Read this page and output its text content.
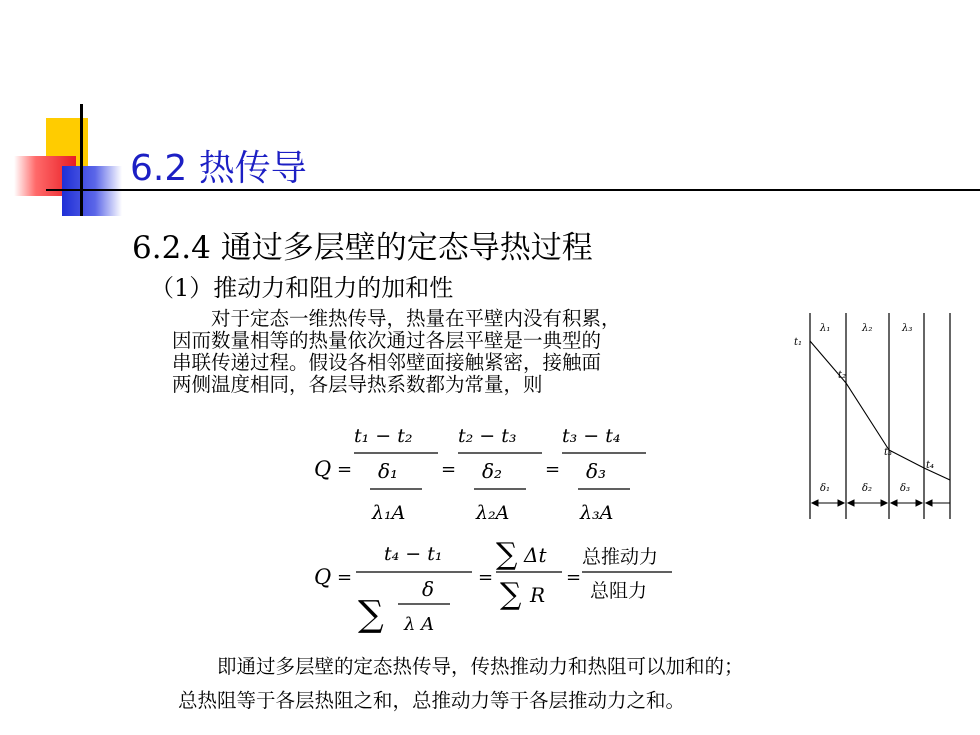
6.2 热传导
6.2.4 通过多层壁的定态导热过程
（1）推动力和阻力的加和性
　　对于定态一维热传导，热量在平壁内没有积累，
因而数量相等的热量依次通过各层平壁是一典型的
串联传递过程。假设各相邻壁面接触紧密，接触面
两侧温度相同，各层导热系数都为常量，则
Q =
t₁ − t₂
δ₁
λ₁A
=
t₂ − t₃
δ₂
λ₂A
=
t₃ − t₄
δ₃
λ₃A
Q =
t₄ − t₁
∑
δ
λ A
=
∑ Δt
∑ R
=
总推动力
总阻力
λ₁	λ₂	λ₃
t₁
t₂
t₃
t₄
δ₁	δ₂	δ₃
　　即通过多层壁的定态热传导，传热推动力和热阻可以加和的；
总热阻等于各层热阻之和，总推动力等于各层推动力之和。
